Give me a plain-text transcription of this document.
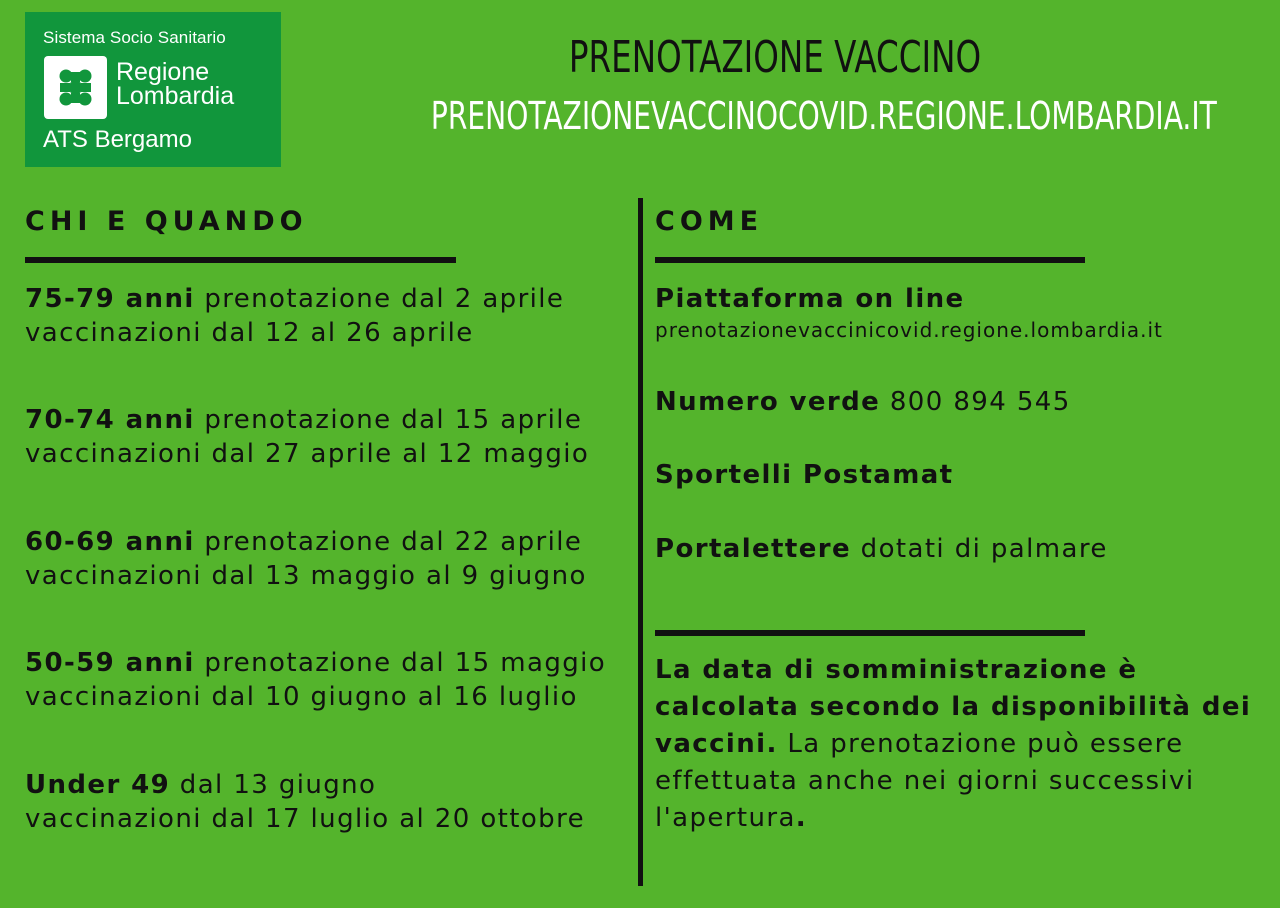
Sistema Socio Sanitario
Regione
Lombardia
ATS Bergamo
PRENOTAZIONE VACCINO
PRENOTAZIONEVACCINOCOVID.REGIONE.LOMBARDIA.IT
CHI E QUANDO
75-79 anni prenotazione dal 2 aprile
vaccinazioni dal 12 al 26 aprile
70-74 anni prenotazione dal 15 aprile
vaccinazioni dal 27 aprile al 12 maggio
60-69 anni prenotazione dal 22 aprile
vaccinazioni dal 13 maggio al 9 giugno
50-59 anni prenotazione dal 15 maggio
vaccinazioni dal 10 giugno al 16 luglio
Under 49 dal 13 giugno
vaccinazioni dal 17 luglio al 20 ottobre
COME
Piattaforma on line
prenotazionevaccinicovid.regione.lombardia.it
Numero verde 800 894 545
Sportelli Postamat
Portalettere dotati di palmare
La data di somministrazione è calcolata secondo la disponibilità dei vaccini. La prenotazione può essere effettuata anche nei giorni successivi l'apertura.
